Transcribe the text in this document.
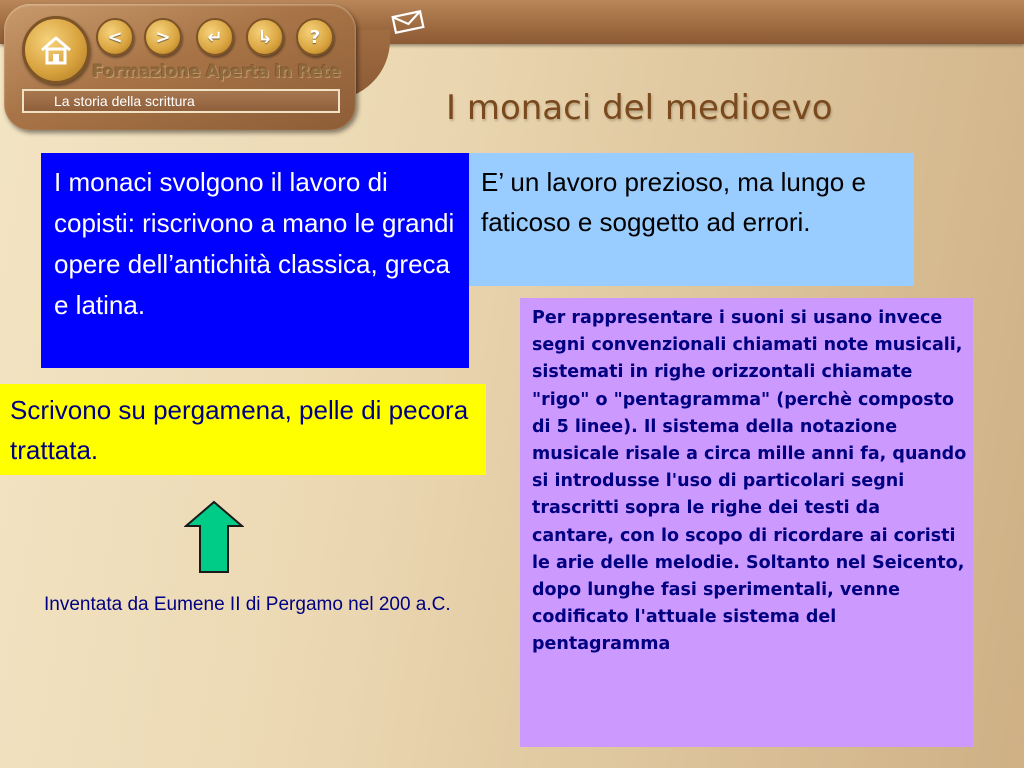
< > ↵ ↳ ?
Formazione Aperta in Rete
La storia della scrittura	I monaci del medioevo
I monaci svolgono il lavoro di copisti: riscrivono a mano le grandi opere dell’antichità classica, greca e latina.
E’ un lavoro prezioso, ma lungo e faticoso e soggetto ad errori.
Scrivono su pergamena, pelle di pecora trattata.
Per rappresentare i suoni si usano invece segni convenzionali chiamati note musicali, sistemati in righe orizzontali chiamate "rigo" o "pentagramma" (perchè composto di 5 linee). Il sistema della notazione musicale risale a circa mille anni fa, quando si introdusse l'uso di particolari segni trascritti sopra le righe dei testi da cantare, con lo scopo di ricordare ai coristi le arie delle melodie. Soltanto nel Seicento, dopo lunghe fasi sperimentali, venne codificato l'attuale sistema del pentagramma
Inventata da Eumene II di Pergamo nel 200 a.C.
